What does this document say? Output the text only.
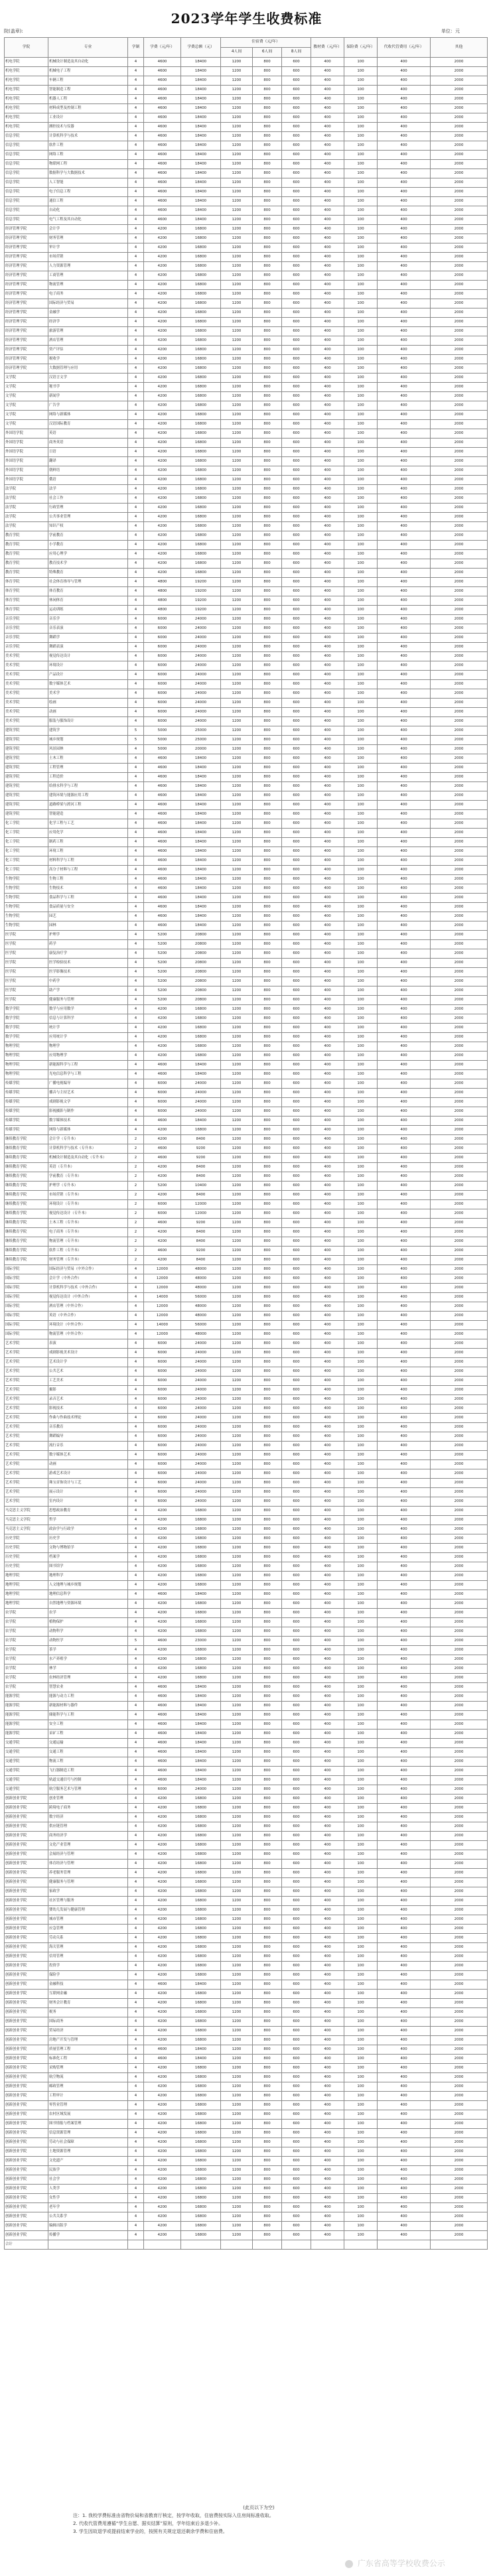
2023学年学生收费标准
院(盖章):	单位：元
学院	专业	学制	学费（元/年）	学费总额（元）	住宿费（元/年）			教材费（元/年）	保险费（元/年）	代收代管费用（元/年）	其他
					4人间	6人间	8人间				
机电学院	机械设计制造及其自动化	4	4600	18400	1200	800	600	400	100	400	2000
机电学院	机械电子工程	4	4600	18400	1200	800	600	400	100	400	2000
机电学院	车辆工程	4	4600	18400	1200	800	600	400	100	400	2000
机电学院	智能制造工程	4	4600	18400	1200	800	600	400	100	400	2000
机电学院	机器人工程	4	4600	18400	1200	800	600	400	100	400	2000
机电学院	材料成型及控制工程	4	4600	18400	1200	800	600	400	100	400	2000
机电学院	工业设计	4	4600	18400	1200	800	600	400	100	400	2000
机电学院	测控技术与仪器	4	4600	18400	1200	800	600	400	100	400	2000
信息学院	计算机科学与技术	4	4600	18400	1200	800	600	400	100	400	2000
信息学院	软件工程	4	4600	18400	1200	800	600	400	100	400	2000
信息学院	网络工程	4	4600	18400	1200	800	600	400	100	400	2000
信息学院	物联网工程	4	4600	18400	1200	800	600	400	100	400	2000
信息学院	数据科学与大数据技术	4	4600	18400	1200	800	600	400	100	400	2000
信息学院	人工智能	4	4600	18400	1200	800	600	400	100	400	2000
信息学院	电子信息工程	4	4600	18400	1200	800	600	400	100	400	2000
信息学院	通信工程	4	4600	18400	1200	800	600	400	100	400	2000
信息学院	自动化	4	4600	18400	1200	800	600	400	100	400	2000
信息学院	电气工程及其自动化	4	4600	18400	1200	800	600	400	100	400	2000
经济管理学院	会计学	4	4200	16800	1200	800	600	400	100	400	2000
经济管理学院	财务管理	4	4200	16800	1200	800	600	400	100	400	2000
经济管理学院	审计学	4	4200	16800	1200	800	600	400	100	400	2000
经济管理学院	市场营销	4	4200	16800	1200	800	600	400	100	400	2000
经济管理学院	人力资源管理	4	4200	16800	1200	800	600	400	100	400	2000
经济管理学院	工商管理	4	4200	16800	1200	800	600	400	100	400	2000
经济管理学院	物流管理	4	4200	16800	1200	800	600	400	100	400	2000
经济管理学院	电子商务	4	4200	16800	1200	800	600	400	100	400	2000
经济管理学院	国际经济与贸易	4	4200	16800	1200	800	600	400	100	400	2000
经济管理学院	金融学	4	4200	16800	1200	800	600	400	100	400	2000
经济管理学院	经济学	4	4200	16800	1200	800	600	400	100	400	2000
经济管理学院	旅游管理	4	4200	16800	1200	800	600	400	100	400	2000
经济管理学院	酒店管理	4	4200	16800	1200	800	600	400	100	400	2000
经济管理学院	资产评估	4	4200	16800	1200	800	600	400	100	400	2000
经济管理学院	税收学	4	4200	16800	1200	800	600	400	100	400	2000
经济管理学院	大数据管理与应用	4	4200	16800	1200	800	600	400	100	400	2000
文学院	汉语言文学	4	4200	16800	1200	800	600	400	100	400	2000
文学院	秘书学	4	4200	16800	1200	800	600	400	100	400	2000
文学院	新闻学	4	4200	16800	1200	800	600	400	100	400	2000
文学院	广告学	4	4200	16800	1200	800	600	400	100	400	2000
文学院	网络与新媒体	4	4200	16800	1200	800	600	400	100	400	2000
文学院	汉语国际教育	4	4200	16800	1200	800	600	400	100	400	2000
外国语学院	英语	4	4200	16800	1200	800	600	400	100	400	2000
外国语学院	商务英语	4	4200	16800	1200	800	600	400	100	400	2000
外国语学院	日语	4	4200	16800	1200	800	600	400	100	400	2000
外国语学院	翻译	4	4200	16800	1200	800	600	400	100	400	2000
外国语学院	朝鲜语	4	4200	16800	1200	800	600	400	100	400	2000
外国语学院	俄语	4	4200	16800	1200	800	600	400	100	400	2000
法学院	法学	4	4200	16800	1200	800	600	400	100	400	2000
法学院	社会工作	4	4200	16800	1200	800	600	400	100	400	2000
法学院	行政管理	4	4200	16800	1200	800	600	400	100	400	2000
法学院	公共事业管理	4	4200	16800	1200	800	600	400	100	400	2000
法学院	知识产权	4	4200	16800	1200	800	600	400	100	400	2000
教育学院	学前教育	4	4200	16800	1200	800	600	400	100	400	2000
教育学院	小学教育	4	4200	16800	1200	800	600	400	100	400	2000
教育学院	应用心理学	4	4200	16800	1200	800	600	400	100	400	2000
教育学院	教育技术学	4	4200	16800	1200	800	600	400	100	400	2000
教育学院	特殊教育	4	4200	16800	1200	800	600	400	100	400	2000
体育学院	社会体育指导与管理	4	4800	19200	1200	800	600	400	100	400	2000
体育学院	体育教育	4	4800	19200	1200	800	600	400	100	400	2000
体育学院	休闲体育	4	4800	19200	1200	800	600	400	100	400	2000
体育学院	运动训练	4	4800	19200	1200	800	600	400	100	400	2000
音乐学院	音乐学	4	6000	24000	1200	800	600	400	100	400	2000
音乐学院	音乐表演	4	6000	24000	1200	800	600	400	100	400	2000
音乐学院	舞蹈学	4	6000	24000	1200	800	600	400	100	400	2000
音乐学院	舞蹈表演	4	6000	24000	1200	800	600	400	100	400	2000
美术学院	视觉传达设计	4	6000	24000	1200	800	600	400	100	400	2000
美术学院	环境设计	4	6000	24000	1200	800	600	400	100	400	2000
美术学院	产品设计	4	6000	24000	1200	800	600	400	100	400	2000
美术学院	数字媒体艺术	4	6000	24000	1200	800	600	400	100	400	2000
美术学院	美术学	4	6000	24000	1200	800	600	400	100	400	2000
美术学院	绘画	4	6000	24000	1200	800	600	400	100	400	2000
美术学院	动画	4	6000	24000	1200	800	600	400	100	400	2000
美术学院	服装与服饰设计	4	6000	24000	1200	800	600	400	100	400	2000
建筑学院	建筑学	5	5000	25000	1200	800	600	400	100	400	2000
建筑学院	城乡规划	5	5000	25000	1200	800	600	400	100	400	2000
建筑学院	风景园林	4	5000	20000	1200	800	600	400	100	400	2000
建筑学院	土木工程	4	4600	18400	1200	800	600	400	100	400	2000
建筑学院	工程管理	4	4600	18400	1200	800	600	400	100	400	2000
建筑学院	工程造价	4	4600	18400	1200	800	600	400	100	400	2000
建筑学院	给排水科学与工程	4	4600	18400	1200	800	600	400	100	400	2000
建筑学院	建筑环境与能源应用工程	4	4600	18400	1200	800	600	400	100	400	2000
建筑学院	道路桥梁与渡河工程	4	4600	18400	1200	800	600	400	100	400	2000
建筑学院	智能建造	4	4600	18400	1200	800	600	400	100	400	2000
化工学院	化学工程与工艺	4	4600	18400	1200	800	600	400	100	400	2000
化工学院	应用化学	4	4600	18400	1200	800	600	400	100	400	2000
化工学院	制药工程	4	4600	18400	1200	800	600	400	100	400	2000
化工学院	环境工程	4	4600	18400	1200	800	600	400	100	400	2000
化工学院	材料科学与工程	4	4600	18400	1200	800	600	400	100	400	2000
化工学院	高分子材料与工程	4	4600	18400	1200	800	600	400	100	400	2000
生物学院	生物工程	4	4600	18400	1200	800	600	400	100	400	2000
生物学院	生物技术	4	4600	18400	1200	800	600	400	100	400	2000
生物学院	食品科学与工程	4	4600	18400	1200	800	600	400	100	400	2000
生物学院	食品质量与安全	4	4600	18400	1200	800	600	400	100	400	2000
生物学院	园艺	4	4600	18400	1200	800	600	400	100	400	2000
生物学院	园林	4	4600	18400	1200	800	600	400	100	400	2000
医学院	护理学	4	5200	20800	1200	800	600	400	100	400	2000
医学院	药学	4	5200	20800	1200	800	600	400	100	400	2000
医学院	康复治疗学	4	5200	20800	1200	800	600	400	100	400	2000
医学院	医学检验技术	4	5200	20800	1200	800	600	400	100	400	2000
医学院	医学影像技术	4	5200	20800	1200	800	600	400	100	400	2000
医学院	中药学	4	5200	20800	1200	800	600	400	100	400	2000
医学院	助产学	4	5200	20800	1200	800	600	400	100	400	2000
医学院	健康服务与管理	4	5200	20800	1200	800	600	400	100	400	2000
数学学院	数学与应用数学	4	4200	16800	1200	800	600	400	100	400	2000
数学学院	信息与计算科学	4	4200	16800	1200	800	600	400	100	400	2000
数学学院	统计学	4	4200	16800	1200	800	600	400	100	400	2000
数学学院	应用统计学	4	4200	16800	1200	800	600	400	100	400	2000
物理学院	物理学	4	4200	16800	1200	800	600	400	100	400	2000
物理学院	应用物理学	4	4200	16800	1200	800	600	400	100	400	2000
物理学院	新能源科学与工程	4	4600	18400	1200	800	600	400	100	400	2000
物理学院	光电信息科学与工程	4	4600	18400	1200	800	600	400	100	400	2000
传媒学院	广播电视编导	4	6000	24000	1200	800	600	400	100	400	2000
传媒学院	播音与主持艺术	4	6000	24000	1200	800	600	400	100	400	2000
传媒学院	戏剧影视文学	4	6000	24000	1200	800	600	400	100	400	2000
传媒学院	影视摄影与制作	4	6000	24000	1200	800	600	400	100	400	2000
传媒学院	数字媒体技术	4	4600	18400	1200	800	600	400	100	400	2000
传媒学院	网络与新媒体	4	4200	16800	1200	800	600	400	100	400	2000
继续教育学院	会计学（专升本）	2	4200	8400	1200	800	600	400	100	400	2000
继续教育学院	计算机科学与技术（专升本）	2	4600	9200	1200	800	600	400	100	400	2000
继续教育学院	机械设计制造及其自动化（专升本）	2	4600	9200	1200	800	600	400	100	400	2000
继续教育学院	英语（专升本）	2	4200	8400	1200	800	600	400	100	400	2000
继续教育学院	学前教育（专升本）	2	4200	8400	1200	800	600	400	100	400	2000
继续教育学院	护理学（专升本）	2	5200	10400	1200	800	600	400	100	400	2000
继续教育学院	市场营销（专升本）	2	4200	8400	1200	800	600	400	100	400	2000
继续教育学院	环境设计（专升本）	2	6000	12000	1200	800	600	400	100	400	2000
继续教育学院	视觉传达设计（专升本）	2	6000	12000	1200	800	600	400	100	400	2000
继续教育学院	土木工程（专升本）	2	4600	9200	1200	800	600	400	100	400	2000
继续教育学院	电子商务（专升本）	2	4200	8400	1200	800	600	400	100	400	2000
继续教育学院	物流管理（专升本）	2	4200	8400	1200	800	600	400	100	400	2000
继续教育学院	软件工程（专升本）	2	4600	9200	1200	800	600	400	100	400	2000
继续教育学院	财务管理（专升本）	2	4200	8400	1200	800	600	400	100	400	2000
国际学院	国际经济与贸易（中外合作）	4	12000	48000	1200	800	600	400	100	400	2000
国际学院	会计学（中外合作）	4	12000	48000	1200	800	600	400	100	400	2000
国际学院	计算机科学与技术（中外合作）	4	12000	48000	1200	800	600	400	100	400	2000
国际学院	视觉传达设计（中外合作）	4	14000	56000	1200	800	600	400	100	400	2000
国际学院	酒店管理（中外合作）	4	12000	48000	1200	800	600	400	100	400	2000
国际学院	英语（中外合作）	4	12000	48000	1200	800	600	400	100	400	2000
国际学院	环境设计（中外合作）	4	14000	56000	1200	800	600	400	100	400	2000
国际学院	物流管理（中外合作）	4	12000	48000	1200	800	600	400	100	400	2000
艺术学院	表演	4	6000	24000	1200	800	600	400	100	400	2000
艺术学院	戏剧影视美术设计	4	6000	24000	1200	800	600	400	100	400	2000
艺术学院	艺术设计学	4	6000	24000	1200	800	600	400	100	400	2000
艺术学院	公共艺术	4	6000	24000	1200	800	600	400	100	400	2000
艺术学院	工艺美术	4	6000	24000	1200	800	600	400	100	400	2000
艺术学院	摄影	4	6000	24000	1200	800	600	400	100	400	2000
艺术学院	录音艺术	4	6000	24000	1200	800	600	400	100	400	2000
艺术学院	影视技术	4	6000	24000	1200	800	600	400	100	400	2000
艺术学院	作曲与作曲技术理论	4	6000	24000	1200	800	600	400	100	400	2000
艺术学院	音乐教育	4	6000	24000	1200	800	600	400	100	400	2000
艺术学院	舞蹈编导	4	6000	24000	1200	800	600	400	100	400	2000
艺术学院	流行音乐	4	6000	24000	1200	800	600	400	100	400	2000
艺术学院	数字媒体艺术	4	6000	24000	1200	800	600	400	100	400	2000
艺术学院	动画	4	6000	24000	1200	800	600	400	100	400	2000
艺术学院	游戏艺术设计	4	6000	24000	1200	800	600	400	100	400	2000
艺术学院	珠宝首饰设计与工艺	4	6000	24000	1200	800	600	400	100	400	2000
艺术学院	展示设计	4	6000	24000	1200	800	600	400	100	400	2000
艺术学院	室内设计	4	6000	24000	1200	800	600	400	100	400	2000
马克思主义学院	思想政治教育	4	4200	16800	1200	800	600	400	100	400	2000
马克思主义学院	哲学	4	4200	16800	1200	800	600	400	100	400	2000
马克思主义学院	政治学与行政学	4	4200	16800	1200	800	600	400	100	400	2000
历史学院	历史学	4	4200	16800	1200	800	600	400	100	400	2000
历史学院	文物与博物馆学	4	4200	16800	1200	800	600	400	100	400	2000
历史学院	档案学	4	4200	16800	1200	800	600	400	100	400	2000
历史学院	图书馆学	4	4200	16800	1200	800	600	400	100	400	2000
地理学院	地理科学	4	4200	16800	1200	800	600	400	100	400	2000
地理学院	人文地理与城乡规划	4	4200	16800	1200	800	600	400	100	400	2000
地理学院	地理信息科学	4	4600	18400	1200	800	600	400	100	400	2000
地理学院	自然地理与资源环境	4	4200	16800	1200	800	600	400	100	400	2000
农学院	农学	4	4200	16800	1200	800	600	400	100	400	2000
农学院	植物保护	4	4200	16800	1200	800	600	400	100	400	2000
农学院	动物科学	4	4200	16800	1200	800	600	400	100	400	2000
农学院	动物医学	5	4600	23000	1200	800	600	400	100	400	2000
农学院	茶学	4	4200	16800	1200	800	600	400	100	400	2000
农学院	水产养殖学	4	4200	16800	1200	800	600	400	100	400	2000
农学院	林学	4	4200	16800	1200	800	600	400	100	400	2000
农学院	农林经济管理	4	4200	16800	1200	800	600	400	100	400	2000
农学院	智慧农业	4	4600	18400	1200	800	600	400	100	400	2000
能源学院	能源与动力工程	4	4600	18400	1200	800	600	400	100	400	2000
能源学院	新能源材料与器件	4	4600	18400	1200	800	600	400	100	400	2000
能源学院	储能科学与工程	4	4600	18400	1200	800	600	400	100	400	2000
能源学院	安全工程	4	4600	18400	1200	800	600	400	100	400	2000
能源学院	采矿工程	4	4600	18400	1200	800	600	400	100	400	2000
交通学院	交通运输	4	4600	18400	1200	800	600	400	100	400	2000
交通学院	交通工程	4	4600	18400	1200	800	600	400	100	400	2000
交通学院	物流工程	4	4600	18400	1200	800	600	400	100	400	2000
交通学院	飞行器制造工程	4	4600	18400	1200	800	600	400	100	400	2000
交通学院	轨道交通信号与控制	4	4600	18400	1200	800	600	400	100	400	2000
交通学院	航空服务艺术与管理	4	6000	24000	1200	800	600	400	100	400	2000
创新创业学院	创业管理	4	4200	16800	1200	800	600	400	100	400	2000
创新创业学院	跨境电子商务	4	4200	16800	1200	800	600	400	100	400	2000
创新创业学院	数字经济	4	4200	16800	1200	800	600	400	100	400	2000
创新创业学院	供应链管理	4	4200	16800	1200	800	600	400	100	400	2000
创新创业学院	商务经济学	4	4200	16800	1200	800	600	400	100	400	2000
创新创业学院	文化产业管理	4	4200	16800	1200	800	600	400	100	400	2000
创新创业学院	会展经济与管理	4	4200	16800	1200	800	600	400	100	400	2000
创新创业学院	体育经济与管理	4	4200	16800	1200	800	600	400	100	400	2000
创新创业学院	养老服务管理	4	4200	16800	1200	800	600	400	100	400	2000
创新创业学院	健康服务与管理	4	4200	16800	1200	800	600	400	100	400	2000
创新创业学院	家政学	4	4200	16800	1200	800	600	400	100	400	2000
创新创业学院	社区管理与服务	4	4200	16800	1200	800	600	400	100	400	2000
创新创业学院	婴幼儿发展与健康管理	4	4200	16800	1200	800	600	400	100	400	2000
创新创业学院	城市管理	4	4200	16800	1200	800	600	400	100	400	2000
创新创业学院	应急管理	4	4200	16800	1200	800	600	400	100	400	2000
创新创业学院	劳动关系	4	4200	16800	1200	800	600	400	100	400	2000
创新创业学院	海关管理	4	4200	16800	1200	800	600	400	100	400	2000
创新创业学院	信用管理	4	4200	16800	1200	800	600	400	100	400	2000
创新创业学院	投资学	4	4200	16800	1200	800	600	400	100	400	2000
创新创业学院	保险学	4	4200	16800	1200	800	600	400	100	400	2000
创新创业学院	金融科技	4	4600	18400	1200	800	600	400	100	400	2000
创新创业学院	互联网金融	4	4200	16800	1200	800	600	400	100	400	2000
创新创业学院	财务会计教育	4	4200	16800	1200	800	600	400	100	400	2000
创新创业学院	税务	4	4200	16800	1200	800	600	400	100	400	2000
创新创业学院	国际商务	4	4200	16800	1200	800	600	400	100	400	2000
创新创业学院	贸易经济	4	4200	16800	1200	800	600	400	100	400	2000
创新创业学院	房地产开发与管理	4	4200	16800	1200	800	600	400	100	400	2000
创新创业学院	质量管理工程	4	4600	18400	1200	800	600	400	100	400	2000
创新创业学院	标准化工程	4	4600	18400	1200	800	600	400	100	400	2000
创新创业学院	采购管理	4	4200	16800	1200	800	600	400	100	400	2000
创新创业学院	航空物流	4	4200	16800	1200	800	600	400	100	400	2000
创新创业学院	邮政管理	4	4200	16800	1200	800	600	400	100	400	2000
创新创业学院	工程审计	4	4200	16800	1200	800	600	400	100	400	2000
创新创业学院	零售业管理	4	4200	16800	1200	800	600	400	100	400	2000
创新创业学院	农村区域发展	4	4200	16800	1200	800	600	400	100	400	2000
创新创业学院	图书情报与档案管理	4	4200	16800	1200	800	600	400	100	400	2000
创新创业学院	信息资源管理	4	4200	16800	1200	800	600	400	100	400	2000
创新创业学院	劳动与社会保障	4	4200	16800	1200	800	600	400	100	400	2000
创新创业学院	土地资源管理	4	4200	16800	1200	800	600	400	100	400	2000
创新创业学院	文化遗产	4	4200	16800	1200	800	600	400	100	400	2000
创新创业学院	民族学	4	4200	16800	1200	800	600	400	100	400	2000
创新创业学院	社会学	4	4200	16800	1200	800	600	400	100	400	2000
创新创业学院	人类学	4	4200	16800	1200	800	600	400	100	400	2000
创新创业学院	女性学	4	4200	16800	1200	800	600	400	100	400	2000
创新创业学院	老年学	4	4200	16800	1200	800	600	400	100	400	2000
创新创业学院	公共关系学	4	4200	16800	1200	800	600	400	100	400	2000
创新创业学院	编辑出版学	4	4200	16800	1200	800	600	400	100	400	2000
创新创业学院	传播学	4	4200	16800	1200	800	600	400	100	400	2000
合计											
(此页以下为空)
注：1. 我校学费标准由省物价局和省教育厅核定，按学年收取，住宿费按实际入住房间标准收取。
2. 代收代管费用遵循“学生自愿、据实结算”原则，学年结束后多退少补。
3. 学生因故退学或提前结束学业的，按照有关规定退还剩余学费和住宿费。
广东省高等学校收费公示
